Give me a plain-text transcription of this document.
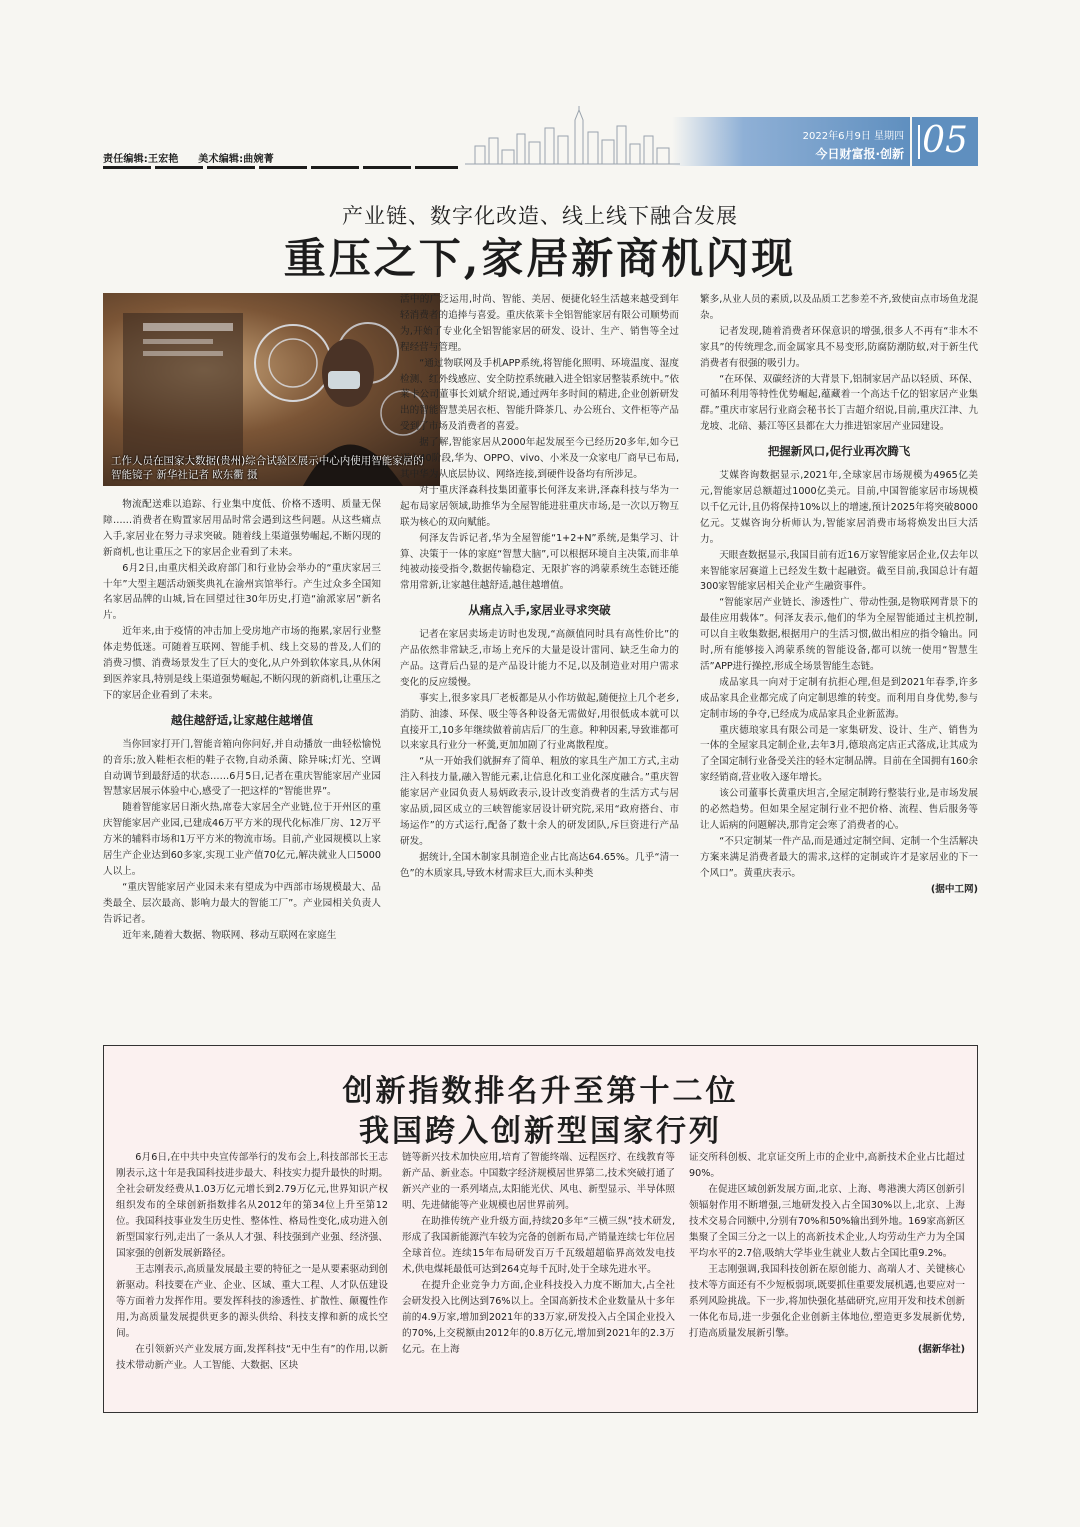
责任编辑:王宏艳 美术编辑:曲婉菁
2022年6月9日 星期四
今日财富报·创新 05
产业链、数字化改造、线上线下融合发展
重压之下,家居新商机闪现
工作人员在国家大数据(贵州)综合试验区展示中心内使用智能家居的智能镜子 新华社记者 欧东衢 摄

物流配送难以追踪、行业集中度低、价格不透明、质量无保障……消费者在购置家居用品时常会遇到这些问题。从这些痛点入手,家居业在努力寻求突破。随着线上渠道强势崛起,不断闪现的新商机,也让重压之下的家居企业看到了未来。

6月2日,由重庆相关政府部门和行业协会举办的“重庆家居三十年”大型主题活动颁奖典礼在渝州宾馆举行。产生过众多全国知名家居品牌的山城,旨在回望过往30年历史,打造“渝派家居”新名片。

近年来,由于疫情的冲击加上受房地产市场的拖累,家居行业整体走势低迷。可随着互联网、智能手机、线上交易的普及,人们的消费习惯、消费场景发生了巨大的变化,从户外到软体家具,从休闲到医养家具,特别是线上渠道强势崛起,不断闪现的新商机,让重压之下的家居企业看到了未来。

越住越舒适,让家越住越增值

当你回家打开门,智能音箱向你问好,并自动播放一曲轻松愉悦的音乐;放入鞋柜衣柜的鞋子衣物,自动杀菌、除异味;灯光、空调自动调节到最舒适的状态……6月5日,记者在重庆智能家居产业园智慧家居展示体验中心,感受了一把这样的“智能世界”。

随着智能家居日渐火热,席卷大家居全产业链,位于开州区的重庆智能家居产业园,已建成46万平方米的现代化标准厂房、12万平方米的辅料市场和1万平方米的物流市场。目前,产业园规模以上家居生产企业达到60多家,实现工业产值70亿元,解决就业人口5000人以上。

“重庆智能家居产业园未来有望成为中西部市场规模最大、品类最全、层次最高、影响力最大的智能工厂”。产业园相关负责人告诉记者。

近年来,随着大数据、物联网、移动互联网在家庭生

活中的广泛运用,时尚、智能、美居、便捷化轻生活越来越受到年轻消费者的追捧与喜爱。重庆依莱卡全铝智能家居有限公司顺势而为,开始了专业化全铝智能家居的研发、设计、生产、销售等全过程经营与管理。

“通过物联网及手机APP系统,将智能化照明、环境温度、湿度检测、红外线感应、安全防控系统融入进全铝家居整装系统中。”依莱卡公司董事长刘斌介绍说,通过两年多时间的精进,企业创新研发出的智能智慧美居衣柜、智能升降茶几、办公班台、文件柜等产品受到了市场及消费者的喜爱。

据了解,智能家居从2000年起发展至今已经历20多年,如今已迈入40阶段,华为、OPPO、vivo、小米及一众家电厂商早已布局,其中华为从底层协议、网络连接,到硬件设备均有所涉足。

对于重庆泽森科技集团董事长何泽友来讲,泽森科技与华为一起布局家居领域,助推华为全屋智能进驻重庆市场,是一次以万物互联为核心的双向赋能。

何泽友告诉记者,华为全屋智能“1+2+N”系统,是集学习、计算、决策于一体的家庭“智慧大脑”,可以根据环境自主决策,而非单纯被动接受指令,数据传输稳定、无限扩容的鸿蒙系统生态链还能常用常新,让家越住越舒适,越住越增值。

从痛点入手,家居业寻求突破

记者在家居卖场走访时也发现,“高颜值同时具有高性价比”的产品依然非常缺乏,市场上充斥的大量是设计雷同、缺乏生命力的产品。这背后凸显的是产品设计能力不足,以及制造业对用户需求变化的反应缓慢。

事实上,很多家具厂老板都是从小作坊做起,随便拉上几个老乡,消防、油漆、环保、吸尘等各种设备无需做好,用很低成本就可以直接开工,10多年继续做着前店后厂的生意。种种因素,导致谁都可以来家具行业分一杯羹,更加加剧了行业离散程度。

“从一开始我们就摒弃了简单、粗放的家具生产加工方式,主动注入科技力量,融入智能元素,让信息化和工业化深度融合。”重庆智能家居产业园负责人易炳政表示,设计改变消费者的生活方式与居家品质,园区成立的三峡智能家居设计研究院,采用“政府搭台、市场运作”的方式运行,配备了数十余人的研发团队,斥巨资进行产品研发。

据统计,全国木制家具制造企业占比高达64.65%。几乎“清一色”的木质家具,导致木材需求巨大,而木头种类

繁多,从业人员的素质,以及品质工艺参差不齐,致使亩点市场鱼龙混杂。

记者发现,随着消费者环保意识的增强,很多人不再有“非木不家具”的传统理念,而金属家具不易变形,防腐防潮防蚁,对于新生代消费者有很强的吸引力。

“在环保、双碳经济的大背景下,铝制家居产品以轻质、环保、可循环利用等特性优势崛起,蕴藏着一个高达千亿的铝家居产业集群。”重庆市家居行业商会秘书长丁吉超介绍说,目前,重庆江津、九龙坡、北碚、綦江等区县都在大力推进铝家居产业园建设。

把握新风口,促行业再次腾飞

艾媒咨询数据显示,2021年,全球家居市场规模为4965亿美元,智能家居总额超过1000亿美元。目前,中国智能家居市场规模以千亿元计,且仍将保持10%以上的增速,预计2025年将突破8000亿元。艾媒咨询分析师认为,智能家居消费市场将焕发出巨大活力。

天眼查数据显示,我国目前有近16万家智能家居企业,仅去年以来智能家居赛道上已经发生数十起融资。截至目前,我国总计有超300家智能家居相关企业产生融资事件。

“智能家居产业链长、渗透性广、带动性强,是物联网背景下的最佳应用载体”。何泽友表示,他们的华为全屋智能通过主机控制,可以自主收集数据,根据用户的生活习惯,做出相应的指令输出。同时,所有能够接入鸿蒙系统的智能设备,都可以统一使用“智慧生活”APP进行操控,形成全场景智能生态链。

成品家具一向对于定制有抗拒心理,但是到2021年春季,许多成品家具企业都完成了向定制思维的转变。而利用自身优势,参与定制市场的争夺,已经成为成品家具企业新蓝海。

重庆德琅家具有限公司是一家集研发、设计、生产、销售为一体的全屋家具定制企业,去年3月,德琅高定店正式落成,让其成为了全国定制行业备受关注的轻木定制品牌。目前在全国拥有160余家经销商,营业收入逐年增长。

该公司董事长黄重庆坦言,全屋定制跨行整装行业,是市场发展的必然趋势。但如果全屋定制行业不把价格、流程、售后服务等让人诟病的问题解决,那肯定会寒了消费者的心。

“不只定制某一件产品,而是通过定制空间、定制一个生活解决方案来满足消费者最大的需求,这样的定制或许才是家居业的下一个风口”。黄重庆表示。

(据中工网)

创新指数排名升至第十二位
我国跨入创新型国家行列

6月6日,在中共中央宣传部举行的发布会上,科技部部长王志刚表示,这十年是我国科技进步最大、科技实力提升最快的时期。全社会研发经费从1.03万亿元增长到2.79万亿元,世界知识产权组织发布的全球创新指数排名从2012年的第34位上升至第12位。我国科技事业发生历史性、整体性、格局性变化,成功进入创新型国家行列,走出了一条从人才强、科技强到产业强、经济强、国家强的创新发展新路径。

王志刚表示,高质量发展最主要的特征之一是从要素驱动到创新驱动。科技要在产业、企业、区域、重大工程、人才队伍建设等方面着力发挥作用。要发挥科技的渗透性、扩散性、颠覆性作用,为高质量发展提供更多的源头供给、科技支撑和新的成长空间。

在引领新兴产业发展方面,发挥科技“无中生有”的作用,以新技术带动新产业。人工智能、大数据、区块

链等新兴技术加快应用,培育了智能终端、远程医疗、在线教育等新产品、新业态。中国数字经济规模居世界第二,技术突破打通了新兴产业的一系列堵点,太阳能光伏、风电、新型显示、半导体照明、先进储能等产业规模也居世界前列。

在助推传统产业升级方面,持续20多年“三横三纵”技术研发,形成了我国新能源汽车较为完备的创新布局,产销量连续七年位居全球首位。连续15年布局研发百万千瓦级超超临界高效发电技术,供电煤耗最低可达到264克每千瓦时,处于全球先进水平。

在提升企业竞争力方面,企业科技投入力度不断加大,占全社会研发投入比例达到76%以上。全国高新技术企业数量从十多年前的4.9万家,增加到2021年的33万家,研发投入占全国企业投入的70%,上交税额由2012年的0.8万亿元,增加到2021年的2.3万亿元。在上海

证交所科创板、北京证交所上市的企业中,高新技术企业占比超过90%。

在促进区域创新发展方面,北京、上海、粤港澳大湾区创新引领辐射作用不断增强,三地研发投入占全国30%以上,北京、上海技术交易合同额中,分别有70%和50%输出到外地。169家高新区集聚了全国三分之一以上的高新技术企业,人均劳动生产力为全国平均水平的2.7倍,吸纳大学毕业生就业人数占全国比重9.2%。

王志刚强调,我国科技创新在原创能力、高端人才、关键核心技术等方面还有不少短板弱项,既要抓住重要发展机遇,也要应对一系列风险挑战。下一步,将加快强化基础研究,应用开发和技术创新一体化布局,进一步强化企业创新主体地位,塑造更多发展新优势,打造高质量发展新引擎。

(据新华社)
